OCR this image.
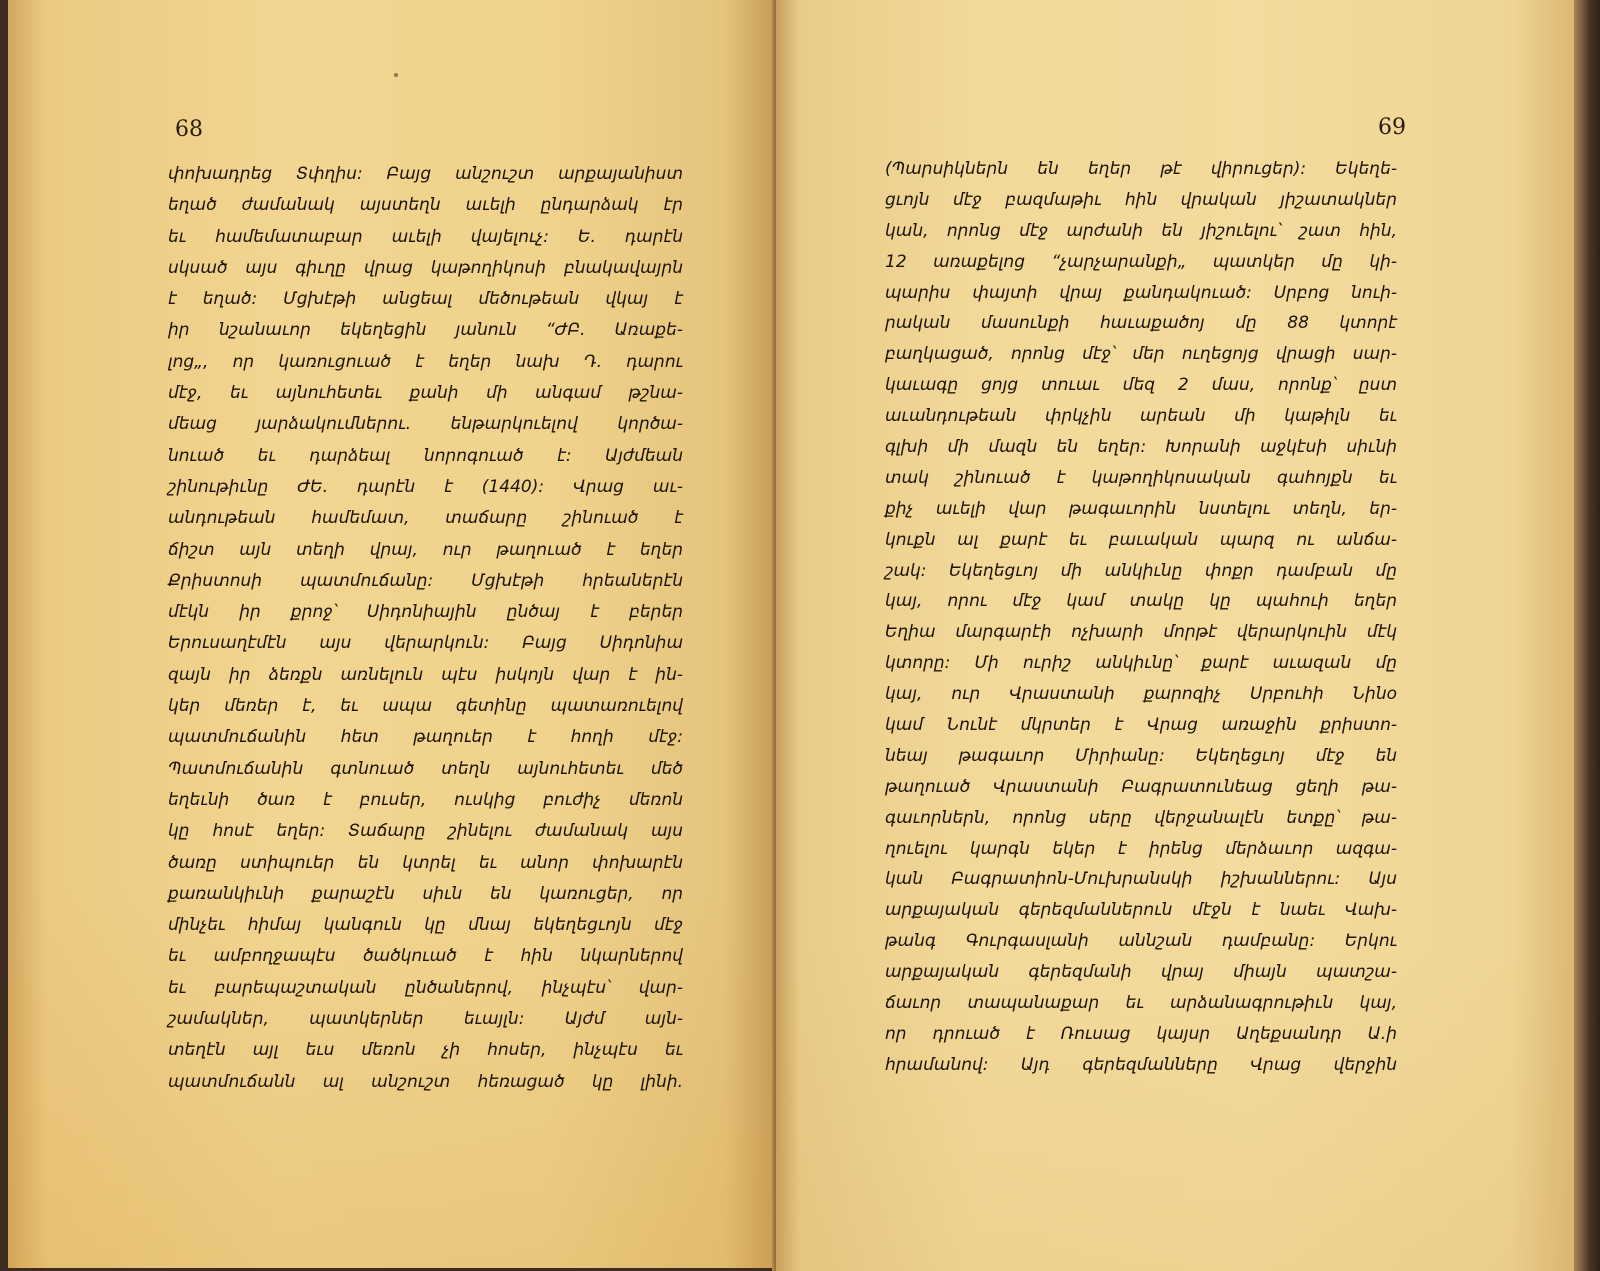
68
փոխադրեց Տփղիս: Բայց անշուշտ արքայանիստ
եղած ժամանակ այստեղն աւելի ընդարձակ էր
եւ համեմատաբար աւելի վայելուչ: Ե. դարէն
սկսած այս գիւղը վրաց կաթողիկոսի բնակավայրն
է եղած: Մցխէթի անցեալ մեծութեան վկայ է
իր նշանաւոր եկեղեցին յանուն “ԺԲ. Առաքե-
լոց„, որ կառուցուած է եղեր նախ Դ. դարու
մէջ, եւ այնուհետեւ քանի մի անգամ թշնա-
մեաց յարձակումներու. ենթարկուելով կործա-
նուած եւ դարձեալ նորոգուած է: Այժմեան
շինութիւնը ԺԵ. դարէն է (1440): Վրաց աւ-
անդութեան համեմատ, տաճարը շինուած է
ճիշտ այն տեղի վրայ, ուր թաղուած է եղեր
Քրիստոսի պատմուճանը: Մցխէթի հրեաներէն
մէկն իր քրոջ՝ Սիդոնիային ընծայ է բերեր
Երուսաղէմէն այս վերարկուն: Բայց Սիդոնիա
զայն իր ձեռքն առնելուն պէս իսկոյն վար է ին-
կեր մեռեր է, եւ ապա գետինը պատառուելով
պատմուճանին հետ թաղուեր է հողի մէջ:
Պատմուճանին գտնուած տեղն այնուհետեւ մեծ
եղեւնի ծառ է բուսեր, ուսկից բուժիչ մեռոն
կը հոսէ եղեր: Տաճարը շինելու ժամանակ այս
ծառը ստիպուեր են կտրել եւ անոր փոխարէն
քառանկիւնի քարաշէն սիւն են կառուցեր, որ
մինչեւ հիմայ կանգուն կը մնայ եկեղեցւոյն մէջ
եւ ամբողջապէս ծածկուած է հին նկարներով
եւ բարեպաշտական ընծաներով, ինչպէս՝ վար-
շամակներ, պատկերներ եւայլն: Այժմ այն-
տեղէն այլ եւս մեռոն չի հոսեր, ինչպէս եւ
պատմուճանն ալ անշուշտ հեռացած կը լինի.
69
(Պարսիկներն են եղեր թէ վիրուցեր): Եկեղե-
ցւոյն մէջ բազմաթիւ հին վրական յիշատակներ
կան, որոնց մէջ արժանի են յիշուելու՝ շատ հին,
12 առաքելոց “չարչարանքի„ պատկեր մը կի-
պարիս փայտի վրայ քանդակուած: Սրբոց նուի-
րական մասունքի հաւաքածոյ մը 88 կտորէ
բաղկացած, որոնց մէջ՝ մեր ուղեցոյց վրացի սար-
կաւագը ցոյց տուաւ մեզ 2 մաս, որոնք՝ ըստ
աւանդութեան փրկչին արեան մի կաթիլն եւ
գլխի մի մազն են եղեր: Խորանի աջկէսի սիւնի
տակ շինուած է կաթողիկոսական գահոյքն եւ
քիչ աւելի վար թագաւորին նստելու տեղն, եր-
կուքն ալ քարէ եւ բաւական պարզ ու անճա-
շակ: Եկեղեցւոյ մի անկիւնը փոքր դամբան մը
կայ, որու մէջ կամ տակը կը պահուի եղեր
Եղիա մարգարէի ոչխարի մորթէ վերարկուին մէկ
կտորը: Մի ուրիշ անկիւնը՝ քարէ աւազան մը
կայ, ուր Վրաստանի քարոզիչ Սրբուհի Նինօ
կամ Նունէ մկրտեր է Վրաց առաջին քրիստո-
նեայ թագաւոր Միրիանը: Եկեղեցւոյ մէջ են
թաղուած Վրաստանի Բագրատունեաց ցեղի թա-
գաւորներն, որոնց սերը վերջանալէն ետքը՝ թա-
ղուելու կարգն եկեր է իրենց մերձաւոր ազգա-
կան Բագրատիոն-Մուխրանսկի իշխաններու: Այս
արքայական գերեզմաններուն մէջն է նաեւ Վախ-
թանգ Գուրգասլանի աննշան դամբանը: Երկու
արքայական գերեզմանի վրայ միայն պատշա-
ճաւոր տապանաքար եւ արձանագրութիւն կայ,
որ դրուած է Ռուսաց կայսր Աղեքսանդր Ա.ի
հրամանով: Այդ գերեզմանները Վրաց վերջին
